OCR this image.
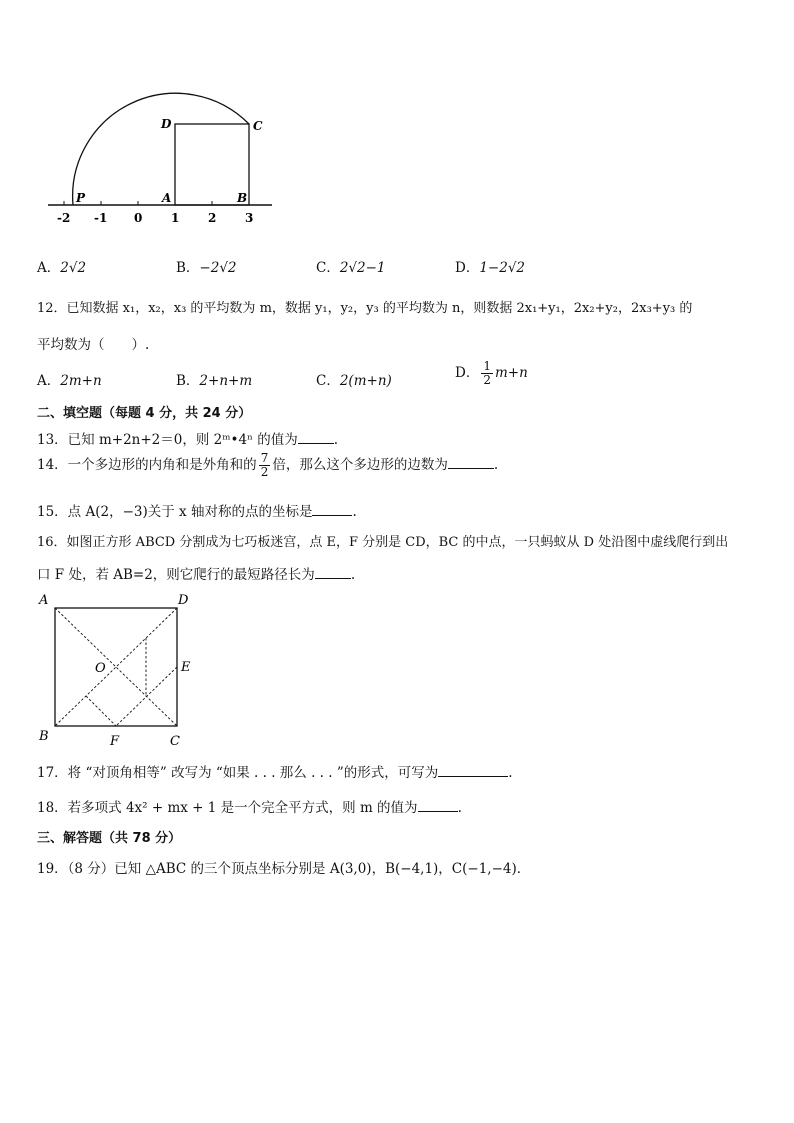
D	C
P	A	B
-2 -1 0 1 2 3
A．2√2	B．−2√2	C．2√2−1	D．1−2√2
12．已知数据 x₁，x₂，x₃ 的平均数为 m，数据 y₁，y₂，y₃ 的平均数为 n，则数据 2x₁+y₁，2x₂+y₂，2x₃+y₃ 的
平均数为（　　）.
A．2m+n	B．2+n+m	C．2(m+n)	D． $\frac{1}{2} m+n$
二、填空题（每题 4 分，共 24 分）
13．已知 m+2n+2＝0，则 2ᵐ•4ⁿ 的值为	.
14．一个多边形的内角和是外角和的 $\frac{7}{2}$ 倍，那么这个多边形的边数为	.
15．点 A(2，−3)关于 x 轴对称的点的坐标是	.
16．如图正方形 ABCD 分割成为七巧板迷宫，点 E，F 分别是 CD，BC 的中点，一只蚂蚁从 D 处沿图中虚线爬行到出
口 F 处，若 AB=2，则它爬行的最短路径长为	.
A	D
E
O
B	F	C
17．将 “对顶角相等” 改写为 “如果 . . . 那么 . . . ”的形式，可写为	.
18．若多项式 4x² + mx + 1 是一个完全平方式，则 m 的值为	.
三、解答题（共 78 分）
19．（8 分）已知 △ABC 的三个顶点坐标分别是 A(3,0)，B(−4,1)，C(−1,−4)．
